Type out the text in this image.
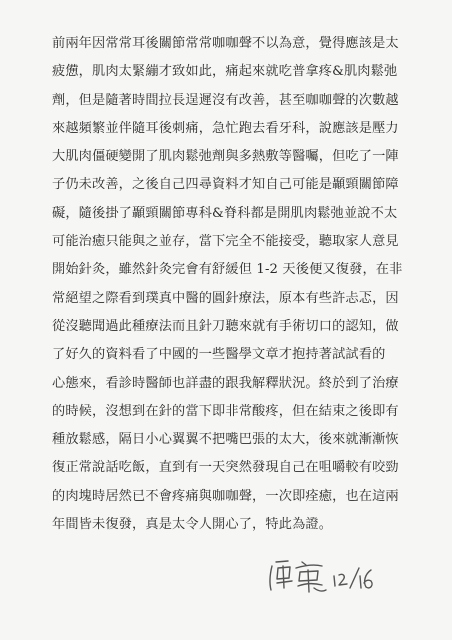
前兩年因常常耳後關節常常咖咖聲不以為意，覺得應該是太
疲憊，肌肉太緊繃才致如此，痛起來就吃普拿疼&肌肉鬆弛
劑，但是隨著時間拉長逞遲沒有改善，甚至咖咖聲的次數越
來越頻繁並伴隨耳後刺痛，急忙跑去看牙科，說應該是壓力
大肌肉僵硬變開了肌肉鬆弛劑與多熱敷等醫囑，但吃了一陣
子仍未改善，之後自己四尋資料才知自己可能是顳頸關節障
礙，隨後掛了顳頸關節專科&脊科都是開肌肉鬆弛並說不太
可能治癒只能與之並存，當下完全不能接受，聽取家人意見
開始針灸，雖然針灸完會有舒緩但 1-2 天後便又復發，在非
常絕望之際看到璞真中醫的圓針療法，原本有些許忐忑，因
從沒聽聞過此種療法而且針刀聽來就有手術切口的認知，做
了好久的資料看了中國的一些醫學文章才抱持著試試看的
心態來，看診時醫師也詳盡的跟我解釋狀況。終於到了治療
的時候，沒想到在針的當下即非常酸疼，但在結束之後即有
種放鬆感，隔日小心翼翼不把嘴巴張的太大，後來就漸漸恢
復正常說話吃飯，直到有一天突然發現自己在咀嚼較有咬勁
的肉塊時居然已不會疼痛與咖咖聲，一次即痊癒，也在這兩
年間皆未復發，真是太令人開心了，特此為證。
